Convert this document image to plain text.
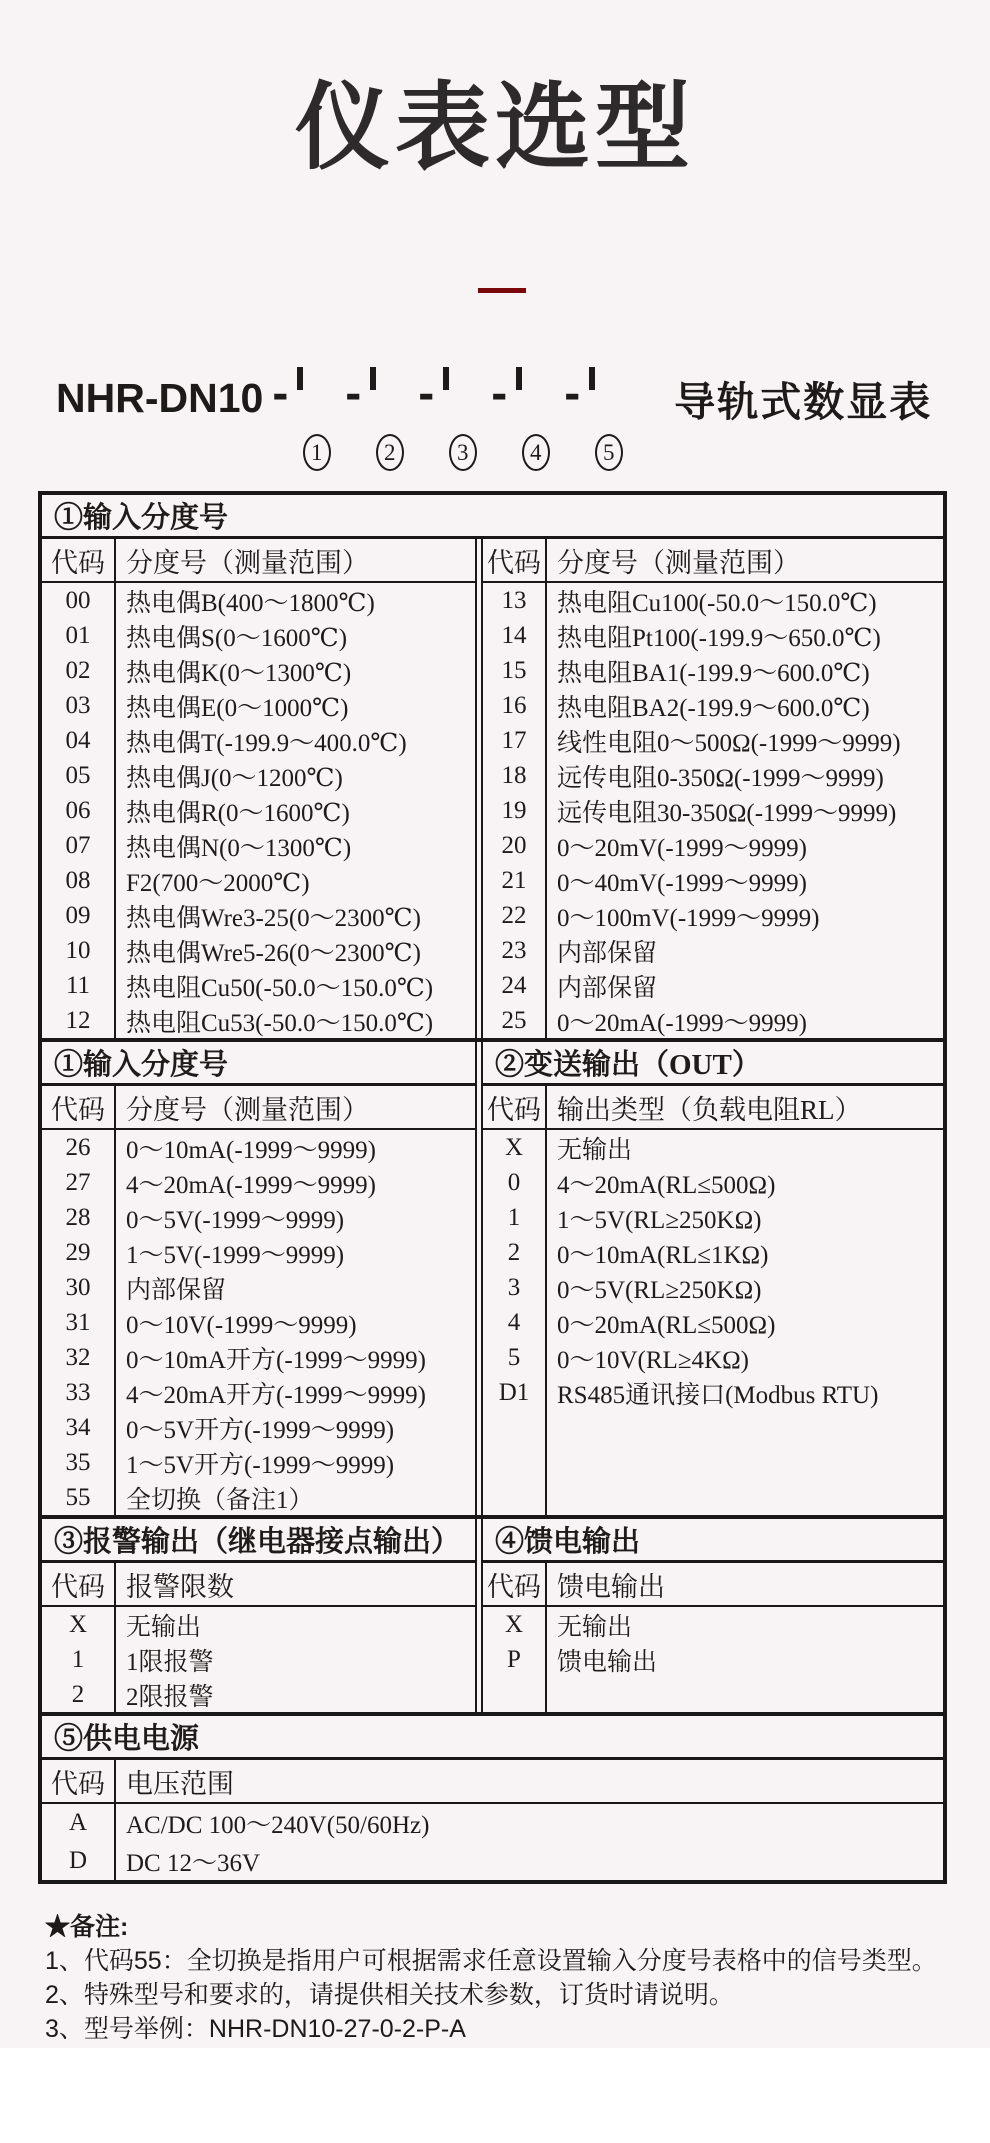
仪表选型
NHR-DN10 -
1
-
2
-
3
-
4
-
5
导轨式数显表
①输入分度号
代码 分度号（测量范围）
00	热电偶B(400～1800℃)
01	热电偶S(0～1600℃)
02	热电偶K(0～1300℃)
03	热电偶E(0～1000℃)
04	热电偶T(-199.9～400.0℃)
05	热电偶J(0～1200℃)
06	热电偶R(0～1600℃)
07	热电偶N(0～1300℃)
08	F2(700～2000℃)
09	热电偶Wre3-25(0～2300℃)
10	热电偶Wre5-26(0～2300℃)
11	热电阻Cu50(-50.0～150.0℃)
12	热电阻Cu53(-50.0～150.0℃)
代码 分度号（测量范围）
13	热电阻Cu100(-50.0～150.0℃)
14	热电阻Pt100(-199.9～650.0℃)
15	热电阻BA1(-199.9～600.0℃)
16	热电阻BA2(-199.9～600.0℃)
17	线性电阻0～500Ω(-1999～9999)
18	远传电阻0-350Ω(-1999～9999)
19	远传电阻30-350Ω(-1999～9999)
20	0～20mV(-1999～9999)
21	0～40mV(-1999～9999)
22	0～100mV(-1999～9999)
23	内部保留
24	内部保留
25	0～20mA(-1999～9999)
①输入分度号
代码 分度号（测量范围）
26	0～10mA(-1999～9999)
27	4～20mA(-1999～9999)
28	0～5V(-1999～9999)
29	1～5V(-1999～9999)
30	内部保留
31	0～10V(-1999～9999)
32	0～10mA开方(-1999～9999)
33	4～20mA开方(-1999～9999)
34	0～5V开方(-1999～9999)
35	1～5V开方(-1999～9999)
55	全切换（备注1）
②变送输出（OUT）
代码 输出类型（负载电阻RL）
X	无输出
0	4～20mA(RL≤500Ω)
1	1～5V(RL≥250KΩ)
2	0～10mA(RL≤1KΩ)
3	0～5V(RL≥250KΩ)
4	0～20mA(RL≤500Ω)
5	0～10V(RL≥4KΩ)
D1	RS485通讯接口(Modbus RTU)
③报警输出（继电器接点输出）
代码 报警限数
X	无输出
1	1限报警
2	2限报警
④馈电输出
代码 馈电输出
X	无输出
P	馈电输出
⑤供电电源
代码 电压范围
A	AC/DC 100～240V(50/60Hz)
D	DC 12～36V
★备注:
1、代码55：全切换是指用户可根据需求任意设置输入分度号表格中的信号类型。
2、特殊型号和要求的，请提供相关技术参数，订货时请说明。
3、型号举例：NHR-DN10-27-0-2-P-A
